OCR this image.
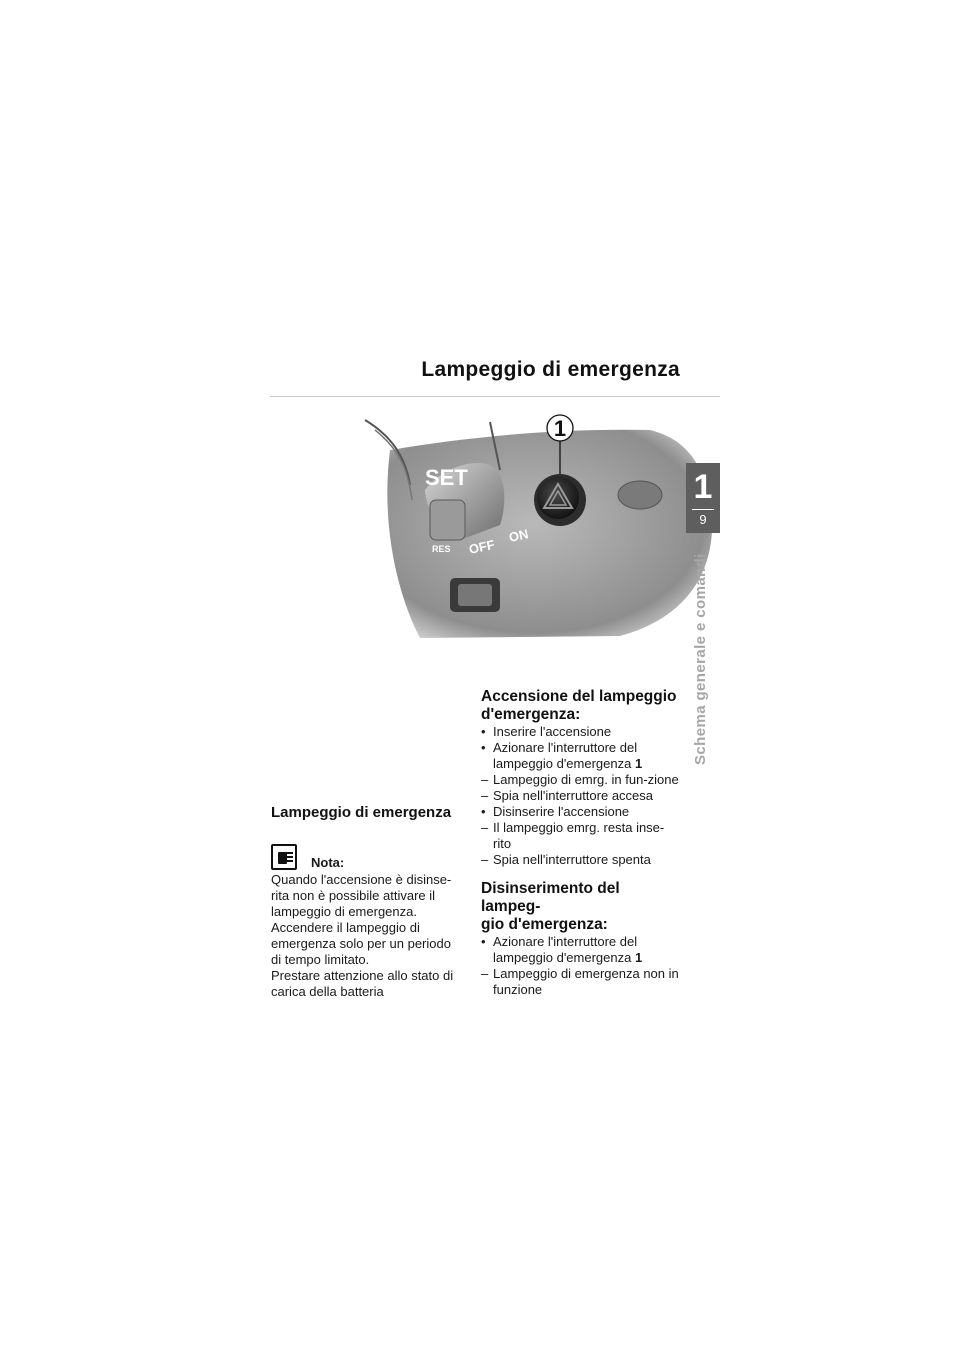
Lampeggio di emergenza
SET
RES OFF
ON
1
1
9
Schema generale e comandi
Lampeggio di emergenza
Nota:

Quando l'accensione è disinse-
rita non è possibile attivare il
lampeggio di emergenza.
Accendere il lampeggio di
emergenza solo per un periodo
di tempo limitato.
Prestare attenzione allo stato di
carica della batteria

Accensione del lampeggio
d'emergenza:
• Inserire l'accensione
• Azionare l'interruttore del lampeggio d'emergenza 1
– Lampeggio di emrg. in fun-zione
– Spia nell'interruttore accesa
• Disinserire l'accensione
– Il lampeggio emrg. resta inse-rito
– Spia nell'interruttore spenta
Disinserimento del lampeg-
gio d'emergenza:
• Azionare l'interruttore del lampeggio d'emergenza 1
– Lampeggio di emergenza non in funzione
